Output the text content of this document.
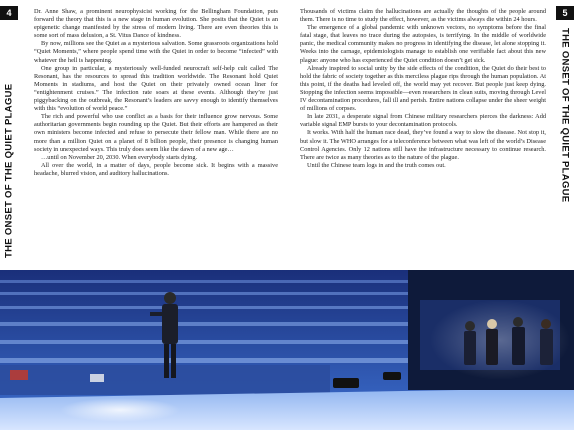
4
THE ONSET OF THE QUIET PLAGUE

Dr. Anne Shaw, a prominent neurophysicist working for the Bellingham Foundation, puts forward the theory that this is a new stage in human evolution. She posits that the Quiet is an epigenetic change manifested by the stress of modern living. There are even theories this is some sort of mass delusion, a St. Vitus Dance of kindness.

By now, millions see the Quiet as a mysterious salvation. Some grassroots organizations hold “Quiet Moments,” where people spend time with the Quiet in order to become “infected” with whatever the hell is happening.

One group in particular, a mysteriously well-funded neurocraft self-help cult called The Resonant, has the resources to spread this tradition worldwide. The Resonant hold Quiet Moments in stadiums, and host the Quiet on their privately owned ocean liner for “entightenment cruises.” The infection rate soars at these events. Although they’re just piggybacking on the outbreak, the Resonant’s leaders are savvy enough to identify themselves with this “evolution of world peace.”

The rich and powerful who use conflict as a basis for their influence grow nervous. Some authoritarian governments begin rounding up the Quiet. But their efforts are hampered as their own ministers become infected and refuse to persecute their fellow man. While there are no more than a million Quiet on a planet of 8 billion people, their presence is changing human society in unexpected ways. This truly does seem like the dawn of a new age…

…until on November 20, 2030. When everybody starts dying.

All over the world, in a matter of days, people become sick. It begins with a massive headache, blurred vision, and auditory hallucinations.

Thousands of victims claim the hallucinations are actually the thoughts of the people around them. There is no time to study the effect, however, as the victims always die within 24 hours.

The emergence of a global pandemic with unknown vectors, no symptoms before the final fatal stage, that leaves no trace during the autopsies, is terrifying. In the middle of worldwide panic, the medical community makes no progress in identifying the disease, let alone stopping it. Weeks into the carnage, epidemiologists manage to establish one verifiable fact about this new plague: anyone who has experienced the Quiet condition doesn’t get sick.

Already inspired to social unity by the side effects of the condition, the Quiet do their best to hold the fabric of society together as this merciless plague rips through the human population. At this point, if the deaths had leveled off, the world may yet recover. But people just keep dying. Stopping the infection seems impossible—even researchers in clean suits, moving through Level IV decontamination procedures, fall ill and perish. Entire nations collapse under the sheer weight of millions of corpses.

In late 2031, a desperate signal from Chinese military researchers pierces the darkness: Add variable signal EMP bursts to your decontamination protocols.

It works. With half the human race dead, they’ve found a way to slow the disease. Not stop it, but slow it. The WHO arranges for a teleconference between what was left of the world’s Disease Control Agencies. Only 12 nations still have the infrastructure necessary to continue research. There are twice as many theories as to the nature of the plague.

Until the Chinese team logs in and the truth comes out.

5
THE ONSET OF THE QUIET PLAGUE
